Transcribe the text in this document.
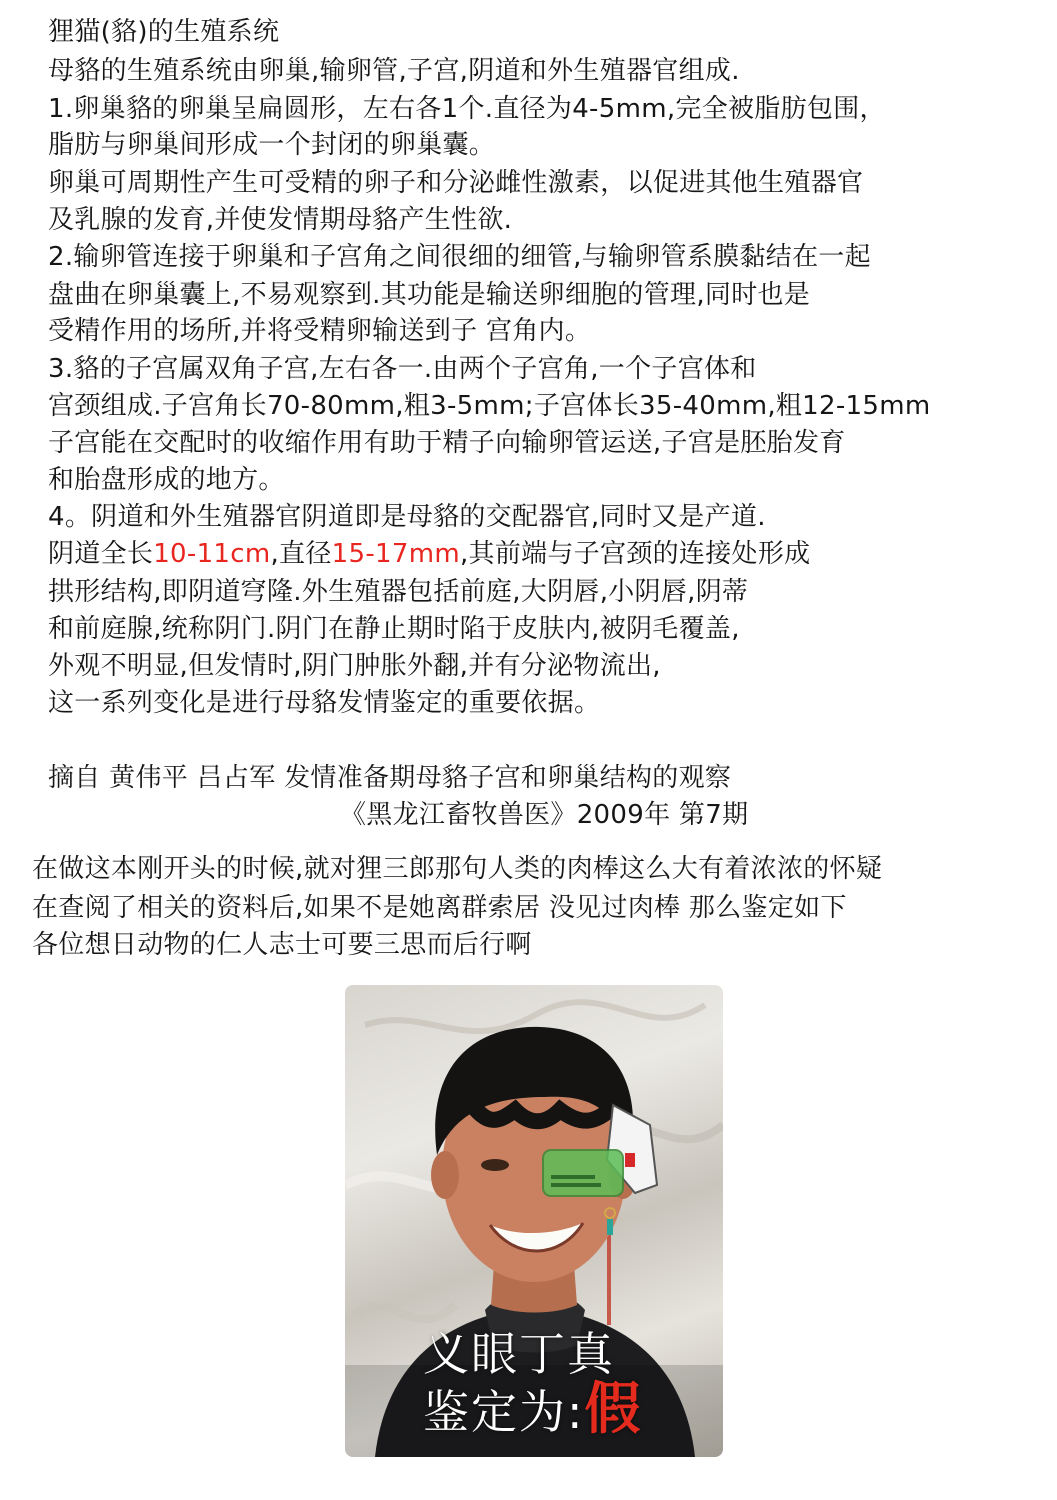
狸猫(貉)的生殖系统
母貉的生殖系统由卵巢,输卵管,子宫,阴道和外生殖器官组成.
1.卵巢貉的卵巢呈扁圆形，左右各1个.直径为4-5mm,完全被脂肪包围，
脂肪与卵巢间形成一个封闭的卵巢囊。
卵巢可周期性产生可受精的卵子和分泌雌性激素，以促进其他生殖器官
及乳腺的发育,并使发情期母貉产生性欲.
2.输卵管连接于卵巢和子宫角之间很细的细管,与输卵管系膜黏结在一起
盘曲在卵巢囊上,不易观察到.其功能是输送卵细胞的管理,同时也是
受精作用的场所,并将受精卵输送到子 宫角内。
3.貉的子宫属双角子宫,左右各一.由两个子宫角,一个子宫体和
宫颈组成.子宫角长70-80mm,粗3-5mm;子宫体长35-40mm,粗12-15mm
子宫能在交配时的收缩作用有助于精子向输卵管运送,子宫是胚胎发育
和胎盘形成的地方。
4。阴道和外生殖器官阴道即是母貉的交配器官,同时又是产道.
阴道全长10-11cm,直径15-17mm,其前端与子宫颈的连接处形成
拱形结构,即阴道穹隆.外生殖器包括前庭,大阴唇,小阴唇,阴蒂
和前庭腺,统称阴门.阴门在静止期时陷于皮肤内,被阴毛覆盖,
外观不明显,但发情时,阴门肿胀外翻,并有分泌物流出,
这一系列变化是进行母貉发情鉴定的重要依据。
摘自 黄伟平 吕占军 发情准备期母貉子宫和卵巢结构的观察
《黑龙江畜牧兽医》2009年 第7期
在做这本刚开头的时候,就对狸三郎那句人类的肉棒这么大有着浓浓的怀疑
在查阅了相关的资料后,如果不是她离群索居 没见过肉棒 那么鉴定如下
各位想日动物的仁人志士可要三思而后行啊
义眼丁真
鉴定为:假
